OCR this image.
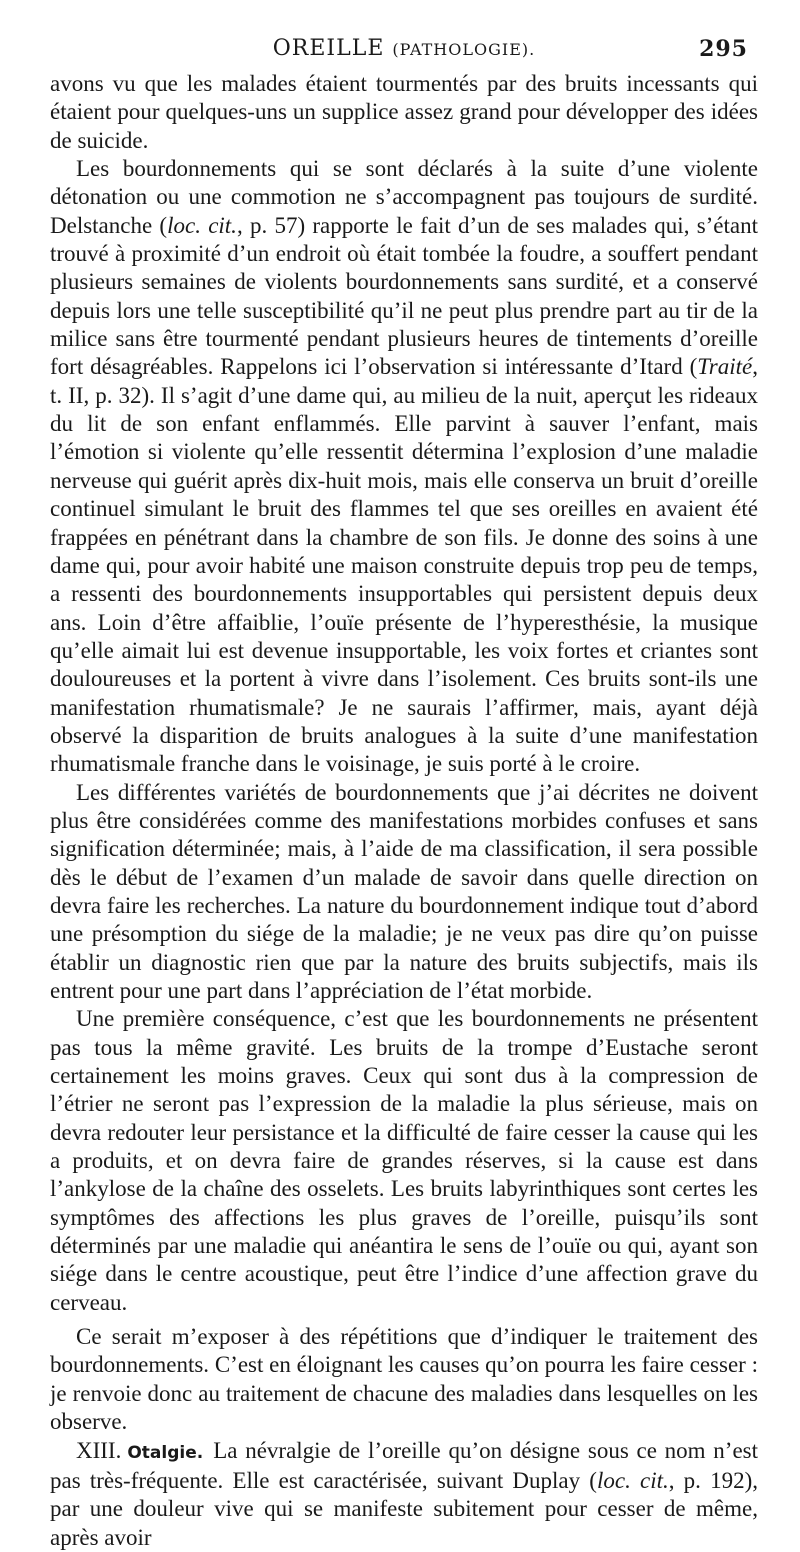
OREILLE (PATHOLOGIE).	295

avons vu que les malades étaient tourmentés par des bruits incessants qui étaient pour quelques-uns un supplice assez grand pour développer des idées de suicide.

Les bourdonnements qui se sont déclarés à la suite d’une violente détonation ou une commotion ne s’accompagnent pas toujours de surdité. Delstanche (loc. cit., p. 57) rapporte le fait d’un de ses malades qui, s’étant trouvé à proximité d’un endroit où était tombée la foudre, a souffert pendant plusieurs semaines de violents bourdonnements sans surdité, et a conservé depuis lors une telle susceptibilité qu’il ne peut plus prendre part au tir de la milice sans être tourmenté pendant plusieurs heures de tintements d’oreille fort désagréables. Rappelons ici l’observation si intéressante d’Itard (Traité, t. II, p. 32). Il s’agit d’une dame qui, au milieu de la nuit, aperçut les rideaux du lit de son enfant enflammés. Elle parvint à sauver l’enfant, mais l’émotion si violente qu’elle ressentit détermina l’explosion d’une maladie nerveuse qui guérit après dix-huit mois, mais elle conserva un bruit d’oreille continuel simulant le bruit des flammes tel que ses oreilles en avaient été frappées en pénétrant dans la chambre de son fils. Je donne des soins à une dame qui, pour avoir habité une maison construite depuis trop peu de temps, a ressenti des bourdonnements insupportables qui persistent depuis deux ans. Loin d’être affaiblie, l’ouïe présente de l’hyperesthésie, la musique qu’elle aimait lui est devenue insupportable, les voix fortes et criantes sont douloureuses et la portent à vivre dans l’isolement. Ces bruits sont-ils une manifestation rhumatismale? Je ne saurais l’affirmer, mais, ayant déjà observé la disparition de bruits analogues à la suite d’une manifestation rhumatismale franche dans le voisinage, je suis porté à le croire.

Les différentes variétés de bourdonnements que j’ai décrites ne doivent plus être considérées comme des manifestations morbides confuses et sans signification déterminée; mais, à l’aide de ma classification, il sera possible dès le début de l’examen d’un malade de savoir dans quelle direction on devra faire les recherches. La nature du bourdonnement indique tout d’abord une présomption du siége de la maladie; je ne veux pas dire qu’on puisse établir un diagnostic rien que par la nature des bruits subjectifs, mais ils entrent pour une part dans l’appréciation de l’état morbide.

Une première conséquence, c’est que les bourdonnements ne présentent pas tous la même gravité. Les bruits de la trompe d’Eustache seront certainement les moins graves. Ceux qui sont dus à la compression de l’étrier ne seront pas l’expression de la maladie la plus sérieuse, mais on devra redouter leur persistance et la difficulté de faire cesser la cause qui les a produits, et on devra faire de grandes réserves, si la cause est dans l’ankylose de la chaîne des osselets. Les bruits labyrinthiques sont certes les symptômes des affections les plus graves de l’oreille, puisqu’ils sont déterminés par une maladie qui anéantira le sens de l’ouïe ou qui, ayant son siége dans le centre acoustique, peut être l’indice d’une affection grave du cerveau.

Ce serait m’exposer à des répétitions que d’indiquer le traitement des bourdonnements. C’est en éloignant les causes qu’on pourra les faire cesser : je renvoie donc au traitement de chacune des maladies dans lesquelles on les observe.

XIII. Otalgie. La névralgie de l’oreille qu’on désigne sous ce nom n’est pas très-fréquente. Elle est caractérisée, suivant Duplay (loc. cit., p. 192), par une douleur vive qui se manifeste subitement pour cesser de même, après avoir
